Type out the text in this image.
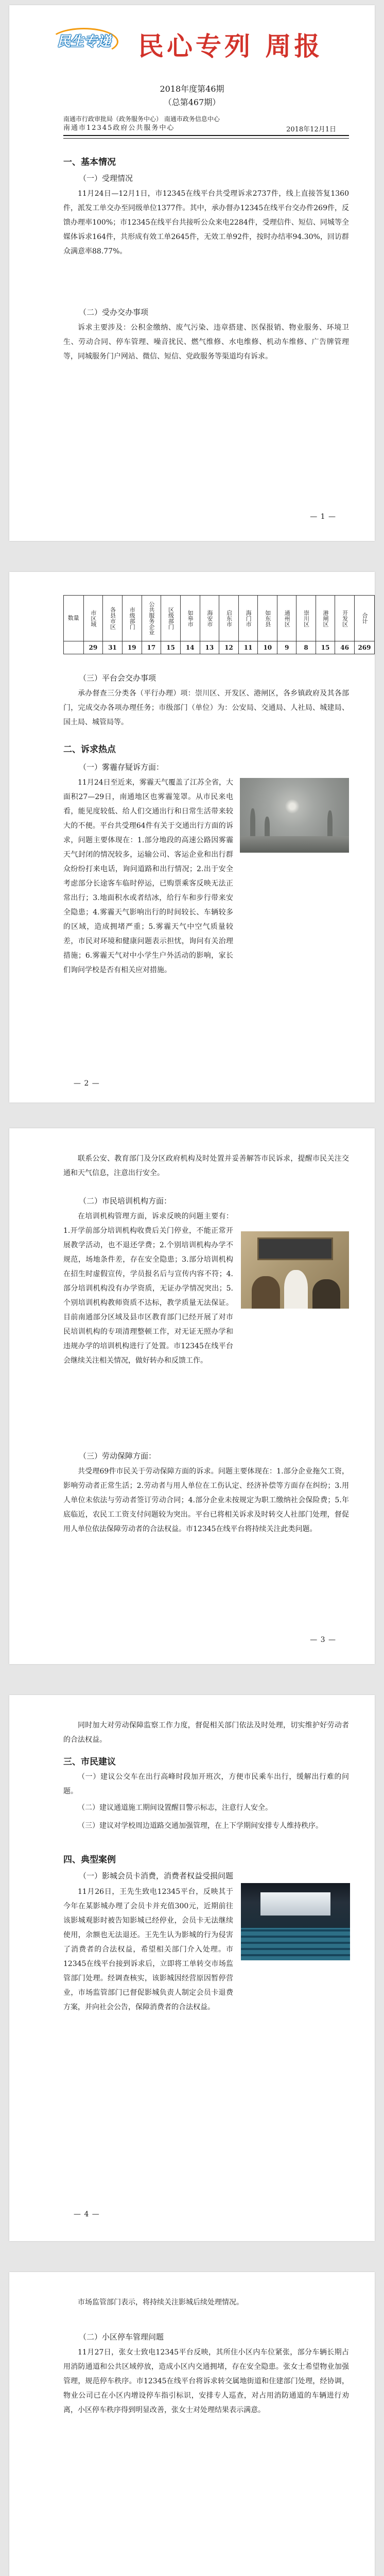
民生专递 民心专列 周报
2018年度第46期
（总第467期）
南通市行政审批局（政务服务中心） 南通市政务信息中心
南通市12345政府公共服务中心	2018年12月1日
一、基本情况
（一）受理情况

11月24日—12月1日，市12345在线平台共受理诉求2737件，线上直接答复1360件，派发工单交办至同级单位1377件。其中，承办督办12345在线平台交办件269件，反馈办理率100%；市12345在线平台共接听公众来电2284件，受理信件、短信、同城等全媒体诉求164件，共形成有效工单2645件，无效工单92件，按时办结率94.30%，回访群众满意率88.77%。

（二）受办交办事项

诉求主要涉及：公积金缴纳、废气污染、违章搭建、医保报销、物业服务、环境卫生、劳动合同、停车管理、噪音扰民、燃气维修、水电维修、机动车维修、广告牌管理等，同城服务门户网站、微信、短信、党政服务等渠道均有诉求。

— 1 —
数量	市区域	各县市区	市级部门	公共服务企业	区级部门	如皋市	海安市	启东市	海门市	如东县	通州区	崇川区	港闸区	开发区	合计
	29	31	19	17	15	14	13	12	11	10	9	8	15	46	269
（三）平台会交办事项

承办督查三分类各（平行办理）项：崇川区、开发区、港闸区，各乡镇政府及其各部门，完成交办各项办理任务；市级部门（单位）为：公安局、交通局、人社局、城建局、国土局、城管局等。

二、诉求热点
（一）雾霾存疑诉方面：

11月24日至近来，雾霾天气覆盖了江苏全省，大面积27—29日，南通地区也雾霾笼罩。从市民来电看，能见度较低、给人们交通出行和日常生活带来较大的不便。平台共受理64件有关于交通出行方面的诉求，问题主要体现在：1.部分地段的高速公路因雾霾天气封闭的情况较多，运输公司、客运企业和出行群众纷纷打来电话，询问道路和出行情况；2.出于安全考虑部分长途客车临时停运，已购票乘客反映无法正常出行；3.地面积水或者结冰，给行车和步行带来安全隐患；4.雾霾天气影响出行的时间较长、车辆较多的区域，造成拥堵严重；5.雾霾天气中空气质量较差，市民对环境和健康问题表示担忧，询问有关治理措施；6.雾霾天气对中小学生户外活动的影响，家长们询问学校是否有相关应对措施。

— 2 —

联系公安、教育部门及分区政府机构及时处置并妥善解答市民诉求，提醒市民关注交通和天气信息，注意出行安全。

（二）市民培训机构方面：

在培训机构管理方面，诉求反映的问题主要有：1.开学前部分培训机构收费后关门停业，不能正常开展教学活动，也不退还学费；2.个别培训机构办学不规范，场地条件差，存在安全隐患；3.部分培训机构在招生时虚假宣传，学员报名后与宣传内容不符；4.部分培训机构没有办学资质，无证办学情况突出；5.个别培训机构教师资质不达标，教学质量无法保证。目前南通部分区域及县市区教育部门已经开展了对市民培训机构的专项清理整顿工作，对无证无照办学和违规办学的培训机构进行了处置。市12345在线平台会继续关注相关情况，做好转办和反馈工作。

（三）劳动保障方面：

共受理69件市民关于劳动保障方面的诉求。问题主要体现在：1.部分企业拖欠工资，影响劳动者正常生活；2.劳动者与用人单位在工伤认定、经济补偿等方面存在纠纷；3.用人单位未依法与劳动者签订劳动合同；4.部分企业未按规定为职工缴纳社会保险费；5.年底临近，农民工工资支付问题较为突出。平台已将相关诉求及时转交人社部门处理，督促用人单位依法保障劳动者的合法权益。市12345在线平台将持续关注此类问题。

— 3 —

同时加大对劳动保障监察工作力度，督促相关部门依法及时处理，切实维护好劳动者的合法权益。

三、市民建议

（一）建议公交车在出行高峰时段加开班次，方便市民乘车出行，缓解出行难的问题。

（二）建议通道施工期间设置醒目警示标志，注意行人安全。

（三）建议对学校周边道路交通加强管理，在上下学期间安排专人维持秩序。

四、典型案例
（一）影城会员卡消费，消费者权益受损问题

11月26日，王先生致电12345平台，反映其于今年在某影城办理了会员卡并充值300元，近期前往该影城观影时被告知影城已经停业，会员卡无法继续使用，余额也无法退还。王先生认为影城的行为侵害了消费者的合法权益，希望相关部门介入处理。市12345在线平台接到诉求后，立即将工单转交市场监管部门处理。经调查核实，该影城因经营原因暂停营业，市场监管部门已督促影城负责人制定会员卡退费方案，并向社会公告，保障消费者的合法权益。

— 4 —

市场监管部门表示，将持续关注影城后续处理情况。

（二）小区停车管理问题

11月27日，张女士致电12345平台反映，其所住小区内车位紧张，部分车辆长期占用消防通道和公共区域停放，造成小区内交通拥堵，存在安全隐患。张女士希望物业加强管理，规范停车秩序。市12345在线平台将诉求转交属地街道和住建部门处理，经协调，物业公司已在小区内增设停车指引标识，安排专人巡查，对占用消防通道的车辆进行劝离，小区停车秩序得到明显改善，张女士对处理结果表示满意。
